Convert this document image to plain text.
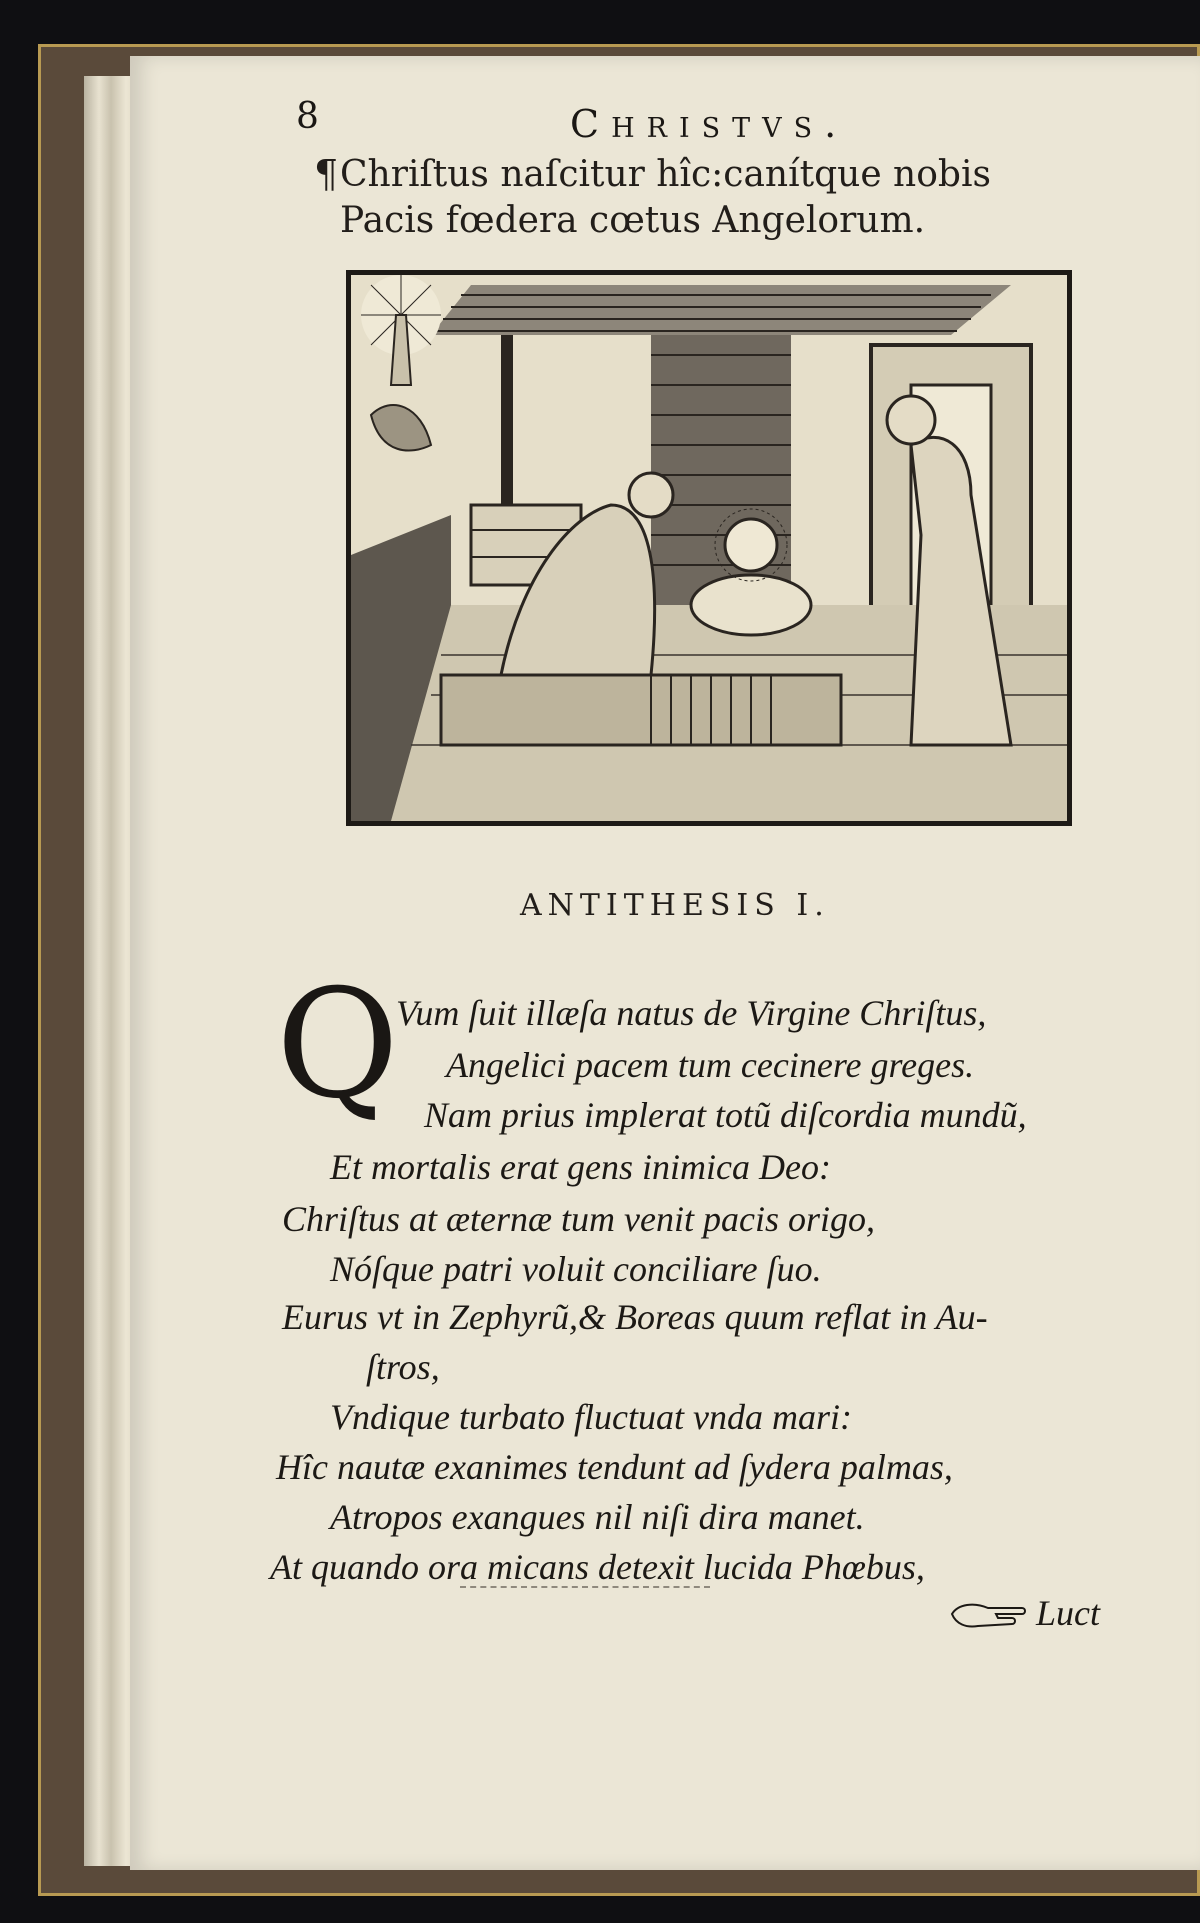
8	Christvs.
¶ Chriſtus naſcitur hîc:canítque nobis
Pacis fœdera cœtus Angelorum.
ANTITHESIS I.
Q
Vum ſuit illæſa natus de Virgine Chriſtus,
Angelici pacem tum cecinere greges.
Nam prius implerat totũ diſcordia mundũ,
Et mortalis erat gens inimica Deo:
Chriſtus at æternæ tum venit pacis origo,
Nóſque patri voluit conciliare ſuo.
Eurus vt in Zephyrũ,& Boreas quum reflat in Au-
ſtros,
Vndique turbato fluctuat vnda mari:
Hîc nautæ exanimes tendunt ad ſydera palmas,
Atropos exangues nil niſi dira manet.
At quando ora micans detexit lucida Phœbus,
Luct
